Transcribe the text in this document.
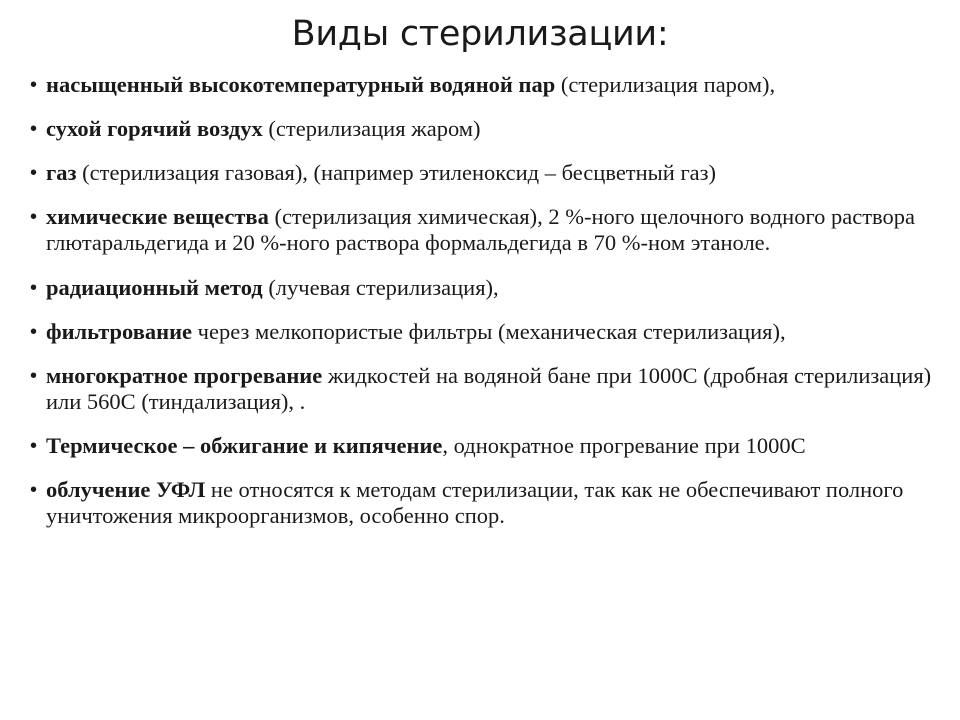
Виды стерилизации:
• насыщенный высокотемпературный водяной пар (стерилизация паром),
• сухой горячий воздух (стерилизация жаром)
• газ (стерилизация газовая), (например этиленоксид – бесцветный газ)
• химические вещества (стерилизация химическая), 2 %-ного щелочного водного раствора глютаральдегида и 20 %-ного раствора формальдегида в 70 %-ном этаноле.
• радиационный метод (лучевая стерилизация),
• фильтрование через мелкопористые фильтры (механическая стерилизация),
• многократное прогревание жидкостей на водяной бане при 1000С (дробная стерилизация) или 560С (тиндализация), .
• Термическое – обжигание и кипячение, однократное прогревание при 1000С
• облучение УФЛ не относятся к методам стерилизации, так как не обеспечивают полного уничтожения микроорганизмов, особенно спор.
